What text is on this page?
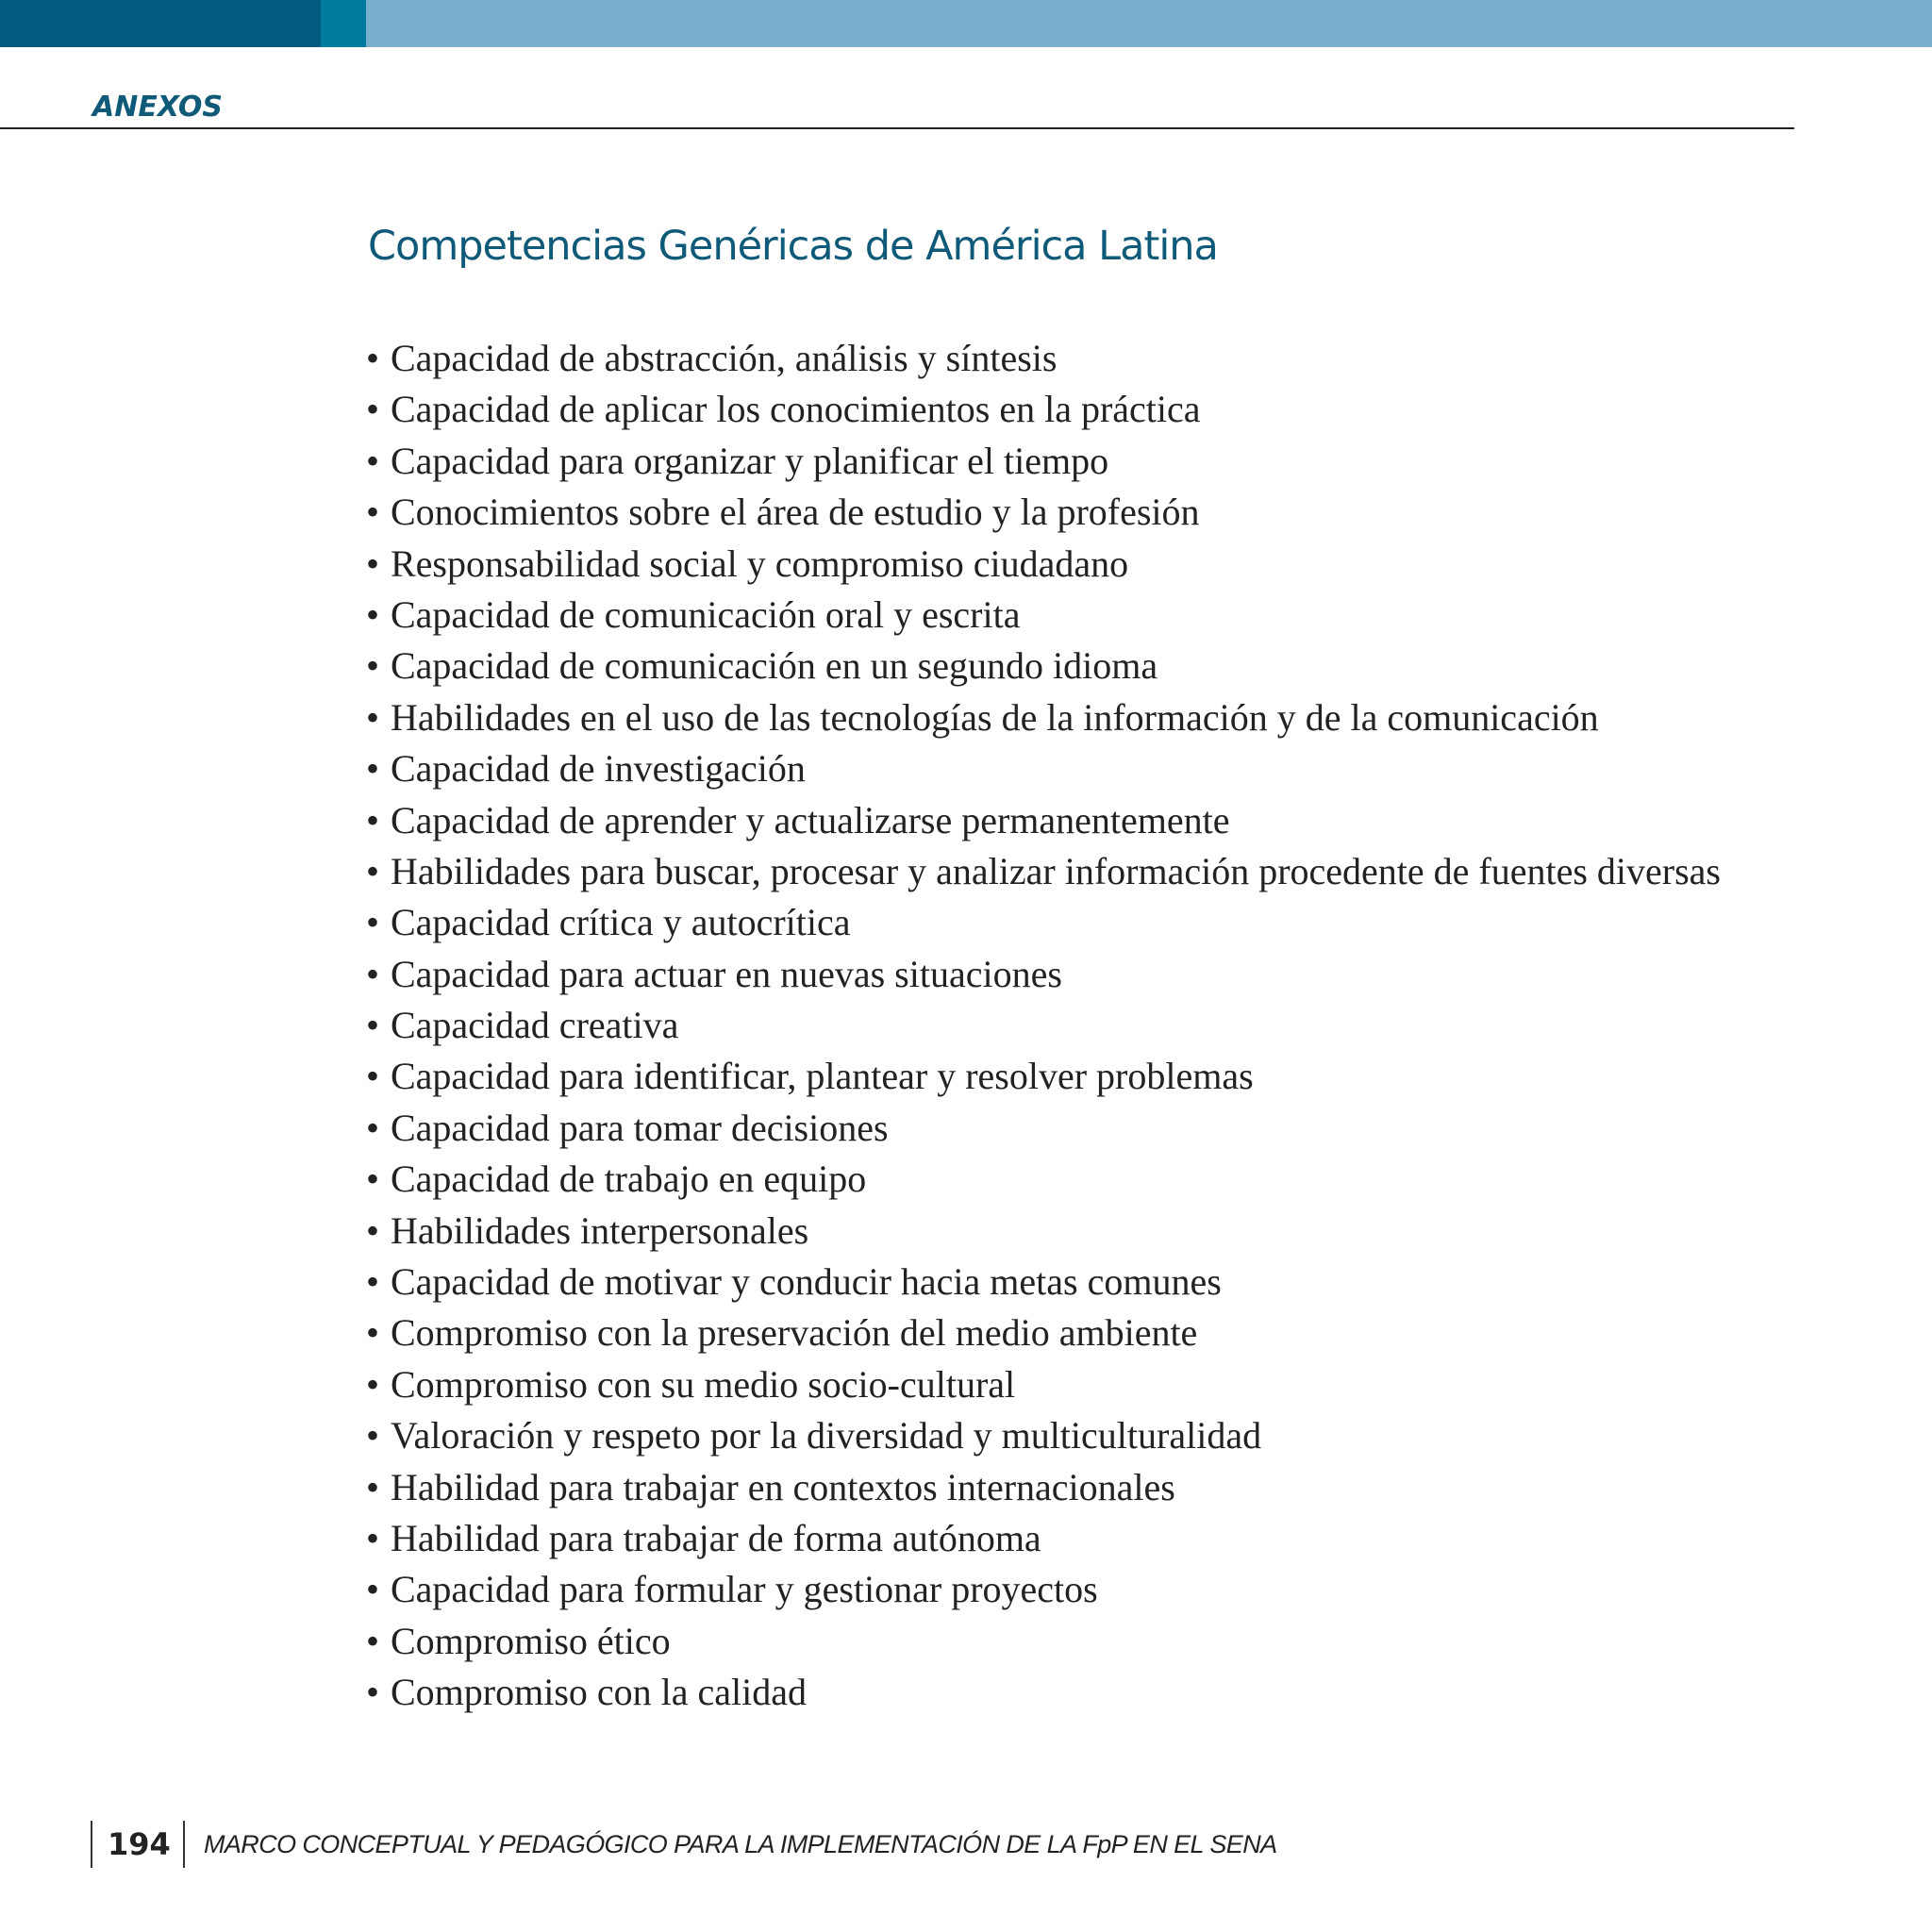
ANEXOS
Competencias Genéricas de América Latina
• Capacidad de abstracción, análisis y síntesis
• Capacidad de aplicar los conocimientos en la práctica
• Capacidad para organizar y planificar el tiempo
• Conocimientos sobre el área de estudio y la profesión
• Responsabilidad social y compromiso ciudadano
• Capacidad de comunicación oral y escrita
• Capacidad de comunicación en un segundo idioma
• Habilidades en el uso de las tecnologías de la información y de la comunicación
• Capacidad de investigación
• Capacidad de aprender y actualizarse permanentemente
• Habilidades para buscar, procesar y analizar información procedente de fuentes diversas
• Capacidad crítica y autocrítica
• Capacidad para actuar en nuevas situaciones
• Capacidad creativa
• Capacidad para identificar, plantear y resolver problemas
• Capacidad para tomar decisiones
• Capacidad de trabajo en equipo
• Habilidades interpersonales
• Capacidad de motivar y conducir hacia metas comunes
• Compromiso con la preservación del medio ambiente
• Compromiso con su medio socio-cultural
• Valoración y respeto por la diversidad y multiculturalidad
• Habilidad para trabajar en contextos internacionales
• Habilidad para trabajar de forma autónoma
• Capacidad para formular y gestionar proyectos
• Compromiso ético
• Compromiso con la calidad
194 MARCO CONCEPTUAL Y PEDAGÓGICO PARA LA IMPLEMENTACIÓN DE LA FpP EN EL SENA
